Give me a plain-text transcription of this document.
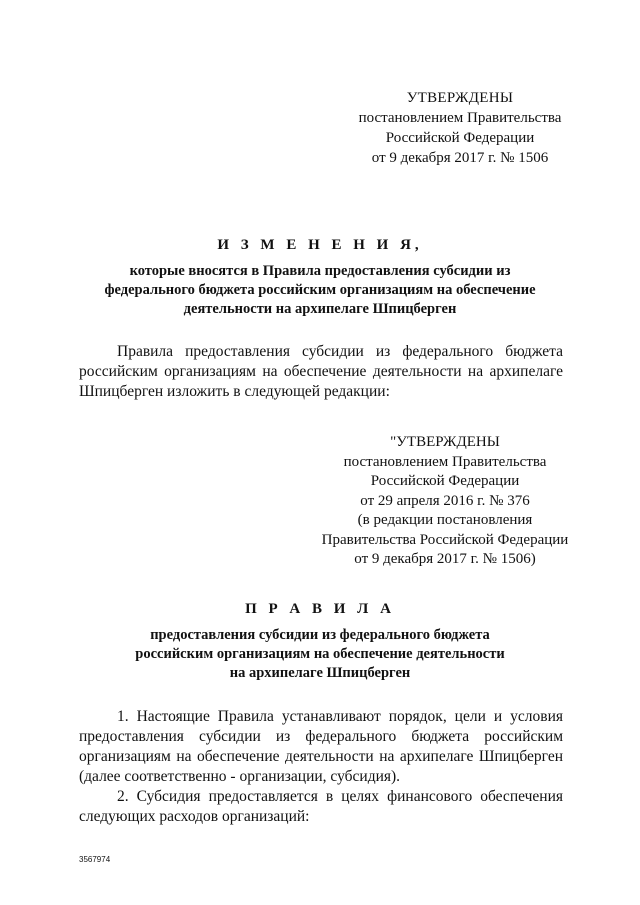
УТВЕРЖДЕНЫ
постановлением Правительства
Российской Федерации
от 9 декабря 2017 г. № 1506
И З М Е Н Е Н И Я,
которые вносятся в Правила предоставления субсидии из
федерального бюджета российским организациям на обеспечение
деятельности на архипелаге Шпицберген
Правила предоставления субсидии из федерального бюджета российским организациям на обеспечение деятельности на архипелаге Шпицберген изложить в следующей редакции:
"УТВЕРЖДЕНЫ
постановлением Правительства
Российской Федерации
от 29 апреля 2016 г. № 376
(в редакции постановления
Правительства Российской Федерации
от 9 декабря 2017 г. № 1506)
П Р А В И Л А
предоставления субсидии из федерального бюджета
российским организациям на обеспечение деятельности
на архипелаге Шпицберген
1. Настоящие Правила устанавливают порядок, цели и условия предоставления субсидии из федерального бюджета российским организациям на обеспечение деятельности на архипелаге Шпицберген (далее соответственно - организации, субсидия).
2. Субсидия предоставляется в целях финансового обеспечения следующих расходов организаций:
3567974
